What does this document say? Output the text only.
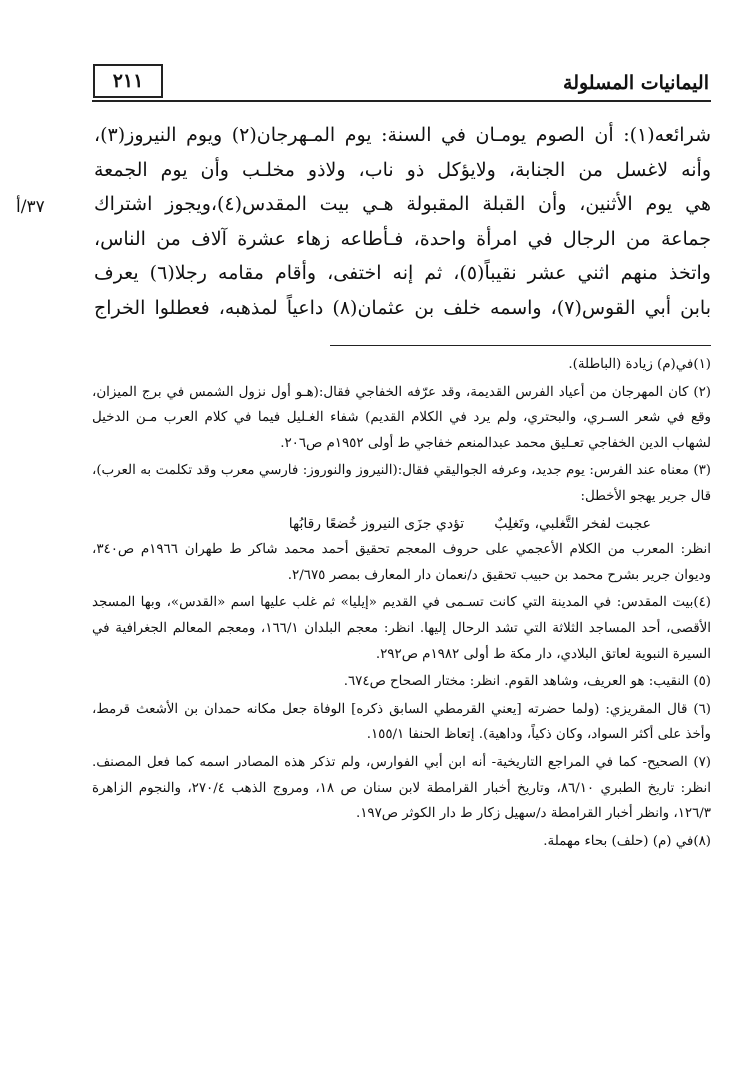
اليمانيات المسلولة
٢١١
٣٧/أ

شرائعه(١): أن الصوم يومـان في السنة: يوم المـهرجان(٢) ويوم النيروز(٣)،

وأنه لاغسل من الجنابة، ولايؤكل ذو ناب، ولاذو مخلـب وأن يوم الجمعة

هي يوم الأثنين، وأن القبلة المقبولة هـي بيت المقدس(٤)،ويجوز اشتراك

جماعة من الرجال في امرأة واحدة، فـأطاعه زهاء عشرة آلاف من الناس،

واتخذ منهم اثني عشر نقيباً(٥)، ثم إنه اختفى، وأقام مقامه رجلا(٦) يعرف

بابن أبي القوس(٧)، واسمه خلف بن عثمان(٨) داعياً لمذهبه، فعطلوا الخراج

(١)في(م) زيادة (الباطلة).

(٢) كان المهرجان من أعياد الفرس القديمة، وقد عرّفه الخفاجي فقال:(هـو أول نزول الشمس في برج الميزان، وقع في شعر السـري، والبحتري، ولم يرد في الكلام القديم) شفاء الغـليل فيما في كلام العرب مـن الدخيل لشهاب الدين الخفاجي تعـليق محمد عبدالمنعم خفاجي ط أولى ١٩٥٢م ص٢٠٦.

(٣) معناه عند الفرس: يوم جديد، وعرفه الجواليقي فقال:(النيروز والنوروز: فارسي معرب وقد تكلمت به العرب)، قال جرير يهجو الأخطل:

عجبت لفخر التَّغلبي، وتَغلِبٌ
تؤدي جزَى النيروز خُضعًا رقابُها

انظر: المعرب من الكلام الأعجمي على حروف المعجم تحقيق أحمد محمد شاكر ط طهران ١٩٦٦م ص٣٤٠، وديوان جرير بشرح محمد بن حبيب تحقيق د/نعمان دار المعارف بمصر ٢/٦٧٥.

(٤)بيت المقدس: في المدينة التي كانت تسـمى في القديم «إيليا» ثم غلب عليها اسم «القدس»، وبها المسجد الأقصى، أحد المساجد الثلاثة التي تشد الرحال إليها. انظر: معجم البلدان ١٦٦/١، ومعجم المعالم الجغرافية في السيرة النبوية لعاتق البلادي، دار مكة ط أولى ١٩٨٢م ص٢٩٢.

(٥) النقيب: هو العريف، وشاهد القوم. انظر: مختار الصحاح ص٦٧٤.

(٦) قال المقريزي: (ولما حضرته [يعني القرمطي السابق ذكره] الوفاة جعل مكانه حمدان بن الأشعث قرمط، وأخذ على أكثر السواد، وكان ذكياً، وداهية). إتعاظ الحنفا ١٥٥/١.

(٧) الصحيح- كما في المراجع التاريخية- أنه ابن أبي الفوارس، ولم تذكر هذه المصادر اسمه كما فعل المصنف. انظر: تاريخ الطبري ٨٦/١٠، وتاريخ أخبار القرامطة لابن سنان ص ١٨، ومروج الذهب ٢٧٠/٤، والنجوم الزاهرة ١٢٦/٣، وانظر أخبار القرامطة د/سهيل زكار ط دار الكوثر ص١٩٧.

(٨)في (م) (حلف) بحاء مهملة.
